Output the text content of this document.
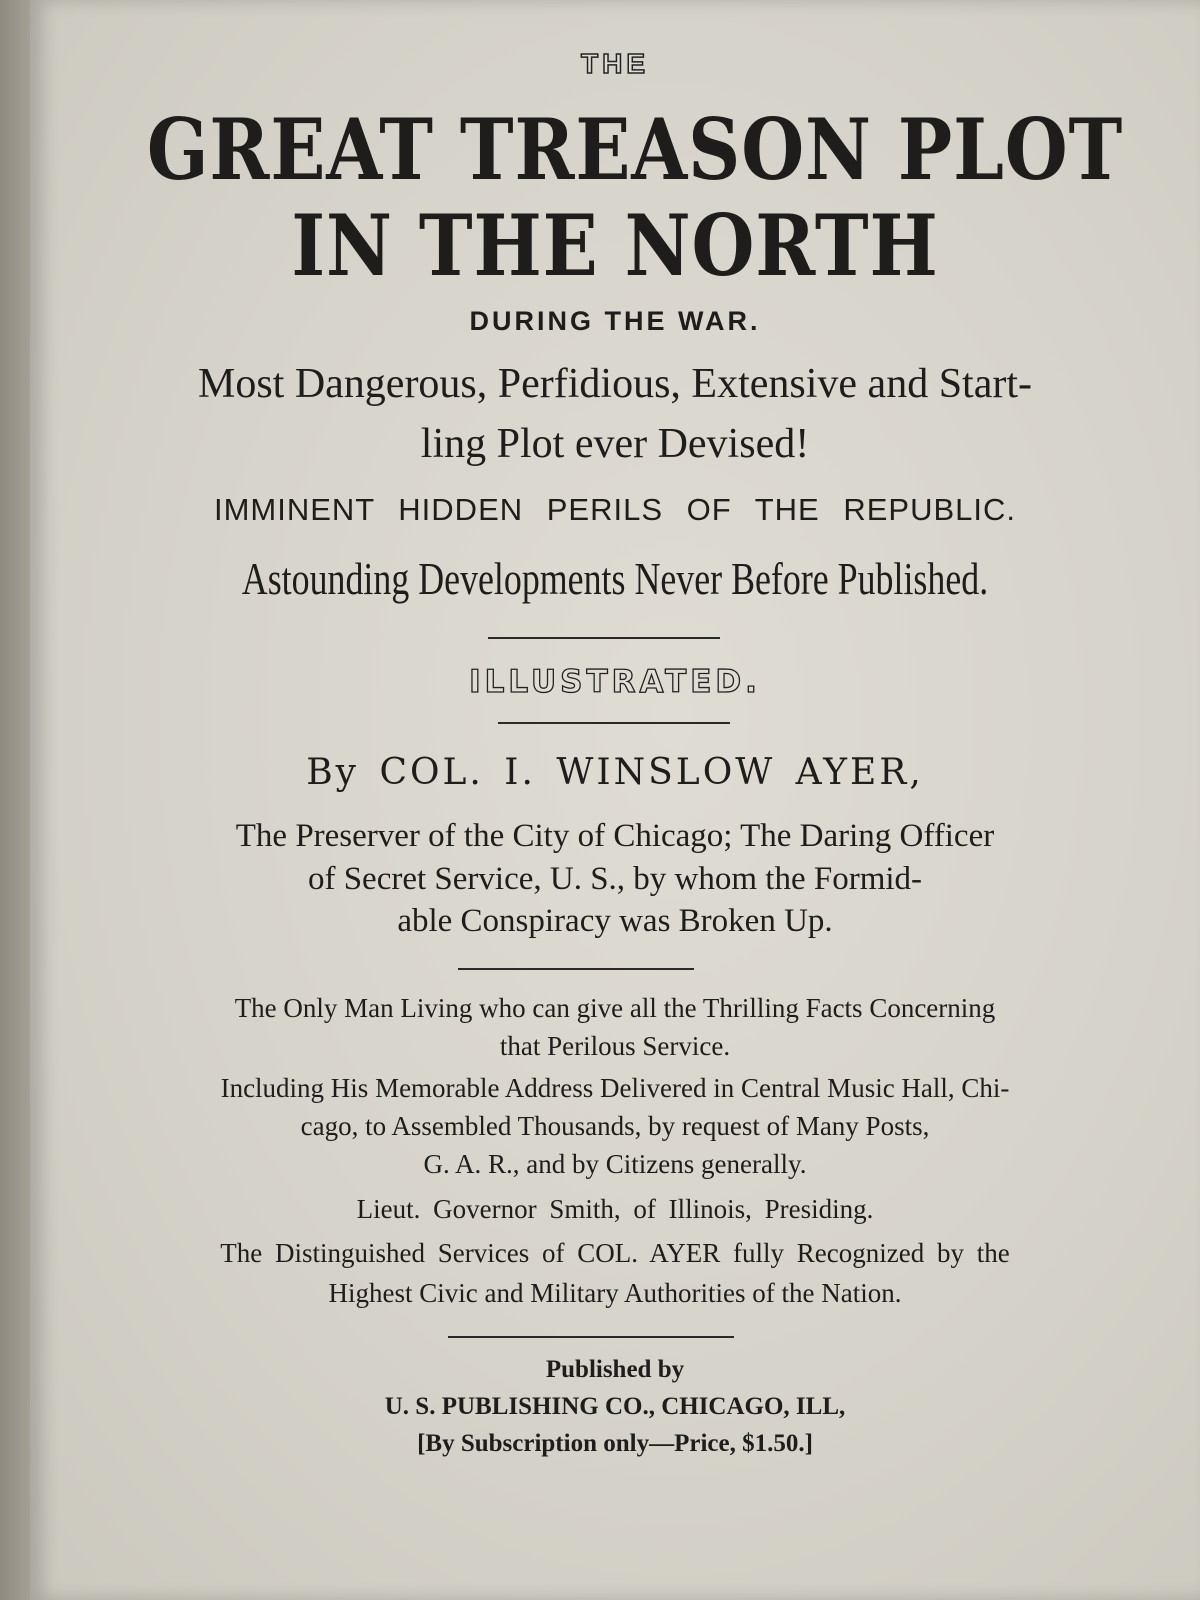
THE
GREAT TREASON PLOT
IN THE NORTH
DURING THE WAR.
Most Dangerous, Perfidious, Extensive and Start-
ling Plot ever Devised!
IMMINENT HIDDEN PERILS OF THE REPUBLIC.
Astounding Developments Never Before Published.
ILLUSTRATED.
By COL. I. WINSLOW AYER,
The Preserver of the City of Chicago; The Daring Officer
of Secret Service, U. S., by whom the Formid-
able Conspiracy was Broken Up.
The Only Man Living who can give all the Thrilling Facts Concerning
that Perilous Service.
Including His Memorable Address Delivered in Central Music Hall, Chi-
cago, to Assembled Thousands, by request of Many Posts,
G. A. R., and by Citizens generally.
Lieut. Governor Smith, of Illinois, Presiding.
The Distinguished Services of COL. AYER fully Recognized by the
Highest Civic and Military Authorities of the Nation.
Published by
U. S. PUBLISHING CO., CHICAGO, ILL,
[By Subscription only—Price, $1.50.]
